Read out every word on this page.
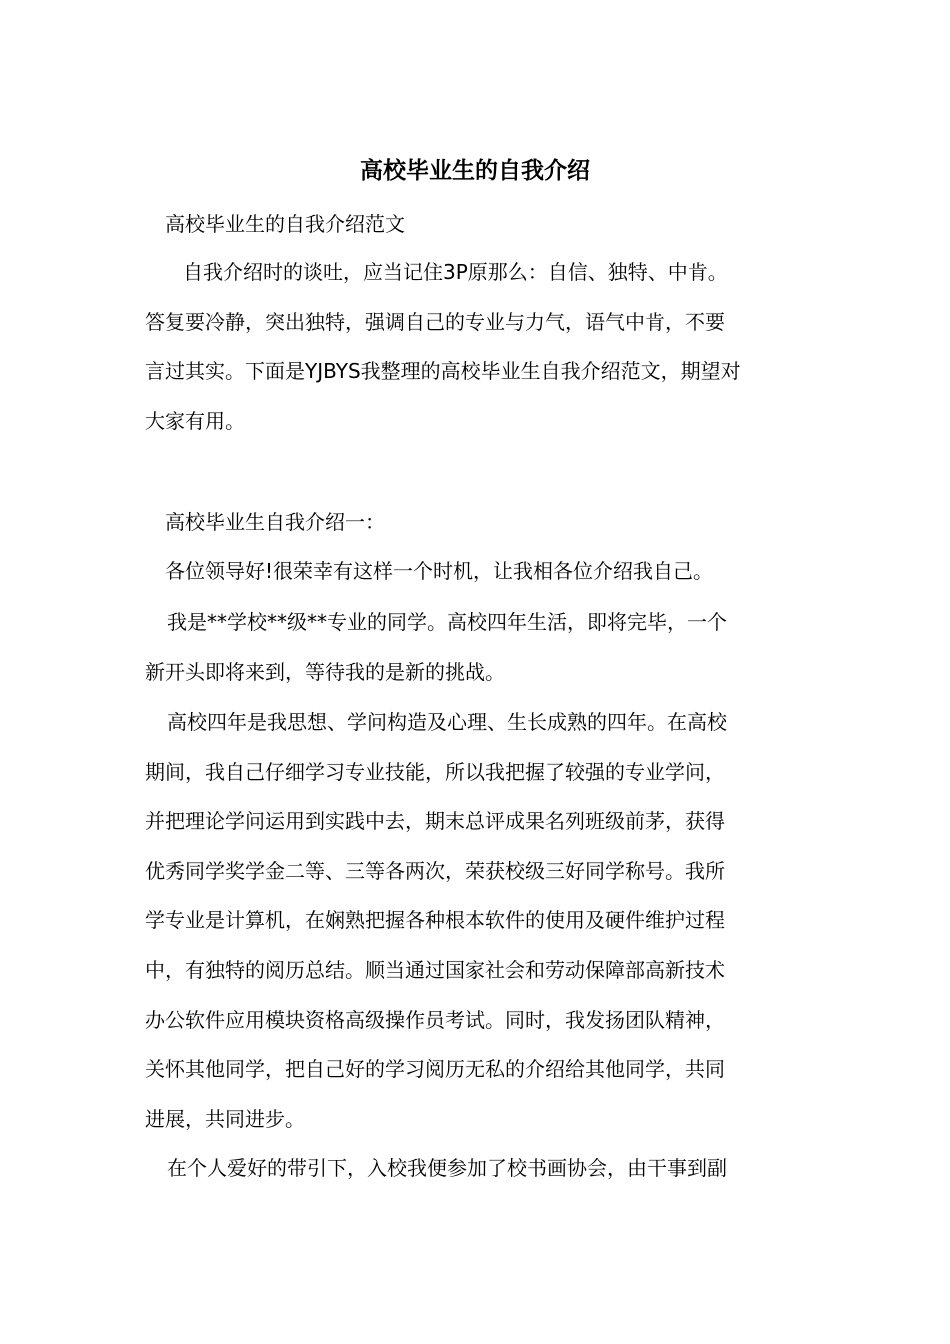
高校毕业生的自我介绍

高校毕业生的自我介绍范文

自我介绍时的谈吐，应当记住3P原那么：自信、独特、中肯。
答复要冷静，突出独特，强调自己的专业与力气，语气中肯，不要
言过其实。下面是YJBYS我整理的高校毕业生自我介绍范文，期望对
大家有用。

高校毕业生自我介绍一：

各位领导好!很荣幸有这样一个时机，让我相各位介绍我自己。

我是**学校**级**专业的同学。高校四年生活，即将完毕，一个
新开头即将来到，等待我的是新的挑战。

高校四年是我思想、学问构造及心理、生长成熟的四年。在高校
期间，我自己仔细学习专业技能，所以我把握了较强的专业学问，
并把理论学问运用到实践中去，期末总评成果名列班级前茅，获得
优秀同学奖学金二等、三等各两次，荣获校级三好同学称号。我所
学专业是计算机，在娴熟把握各种根本软件的使用及硬件维护过程
中，有独特的阅历总结。顺当通过国家社会和劳动保障部高新技术
办公软件应用模块资格高级操作员考试。同时，我发扬团队精神，
关怀其他同学，把自己好的学习阅历无私的介绍给其他同学，共同
进展，共同进步。

在个人爱好的带引下，入校我便参加了校书画协会，由干事到副
